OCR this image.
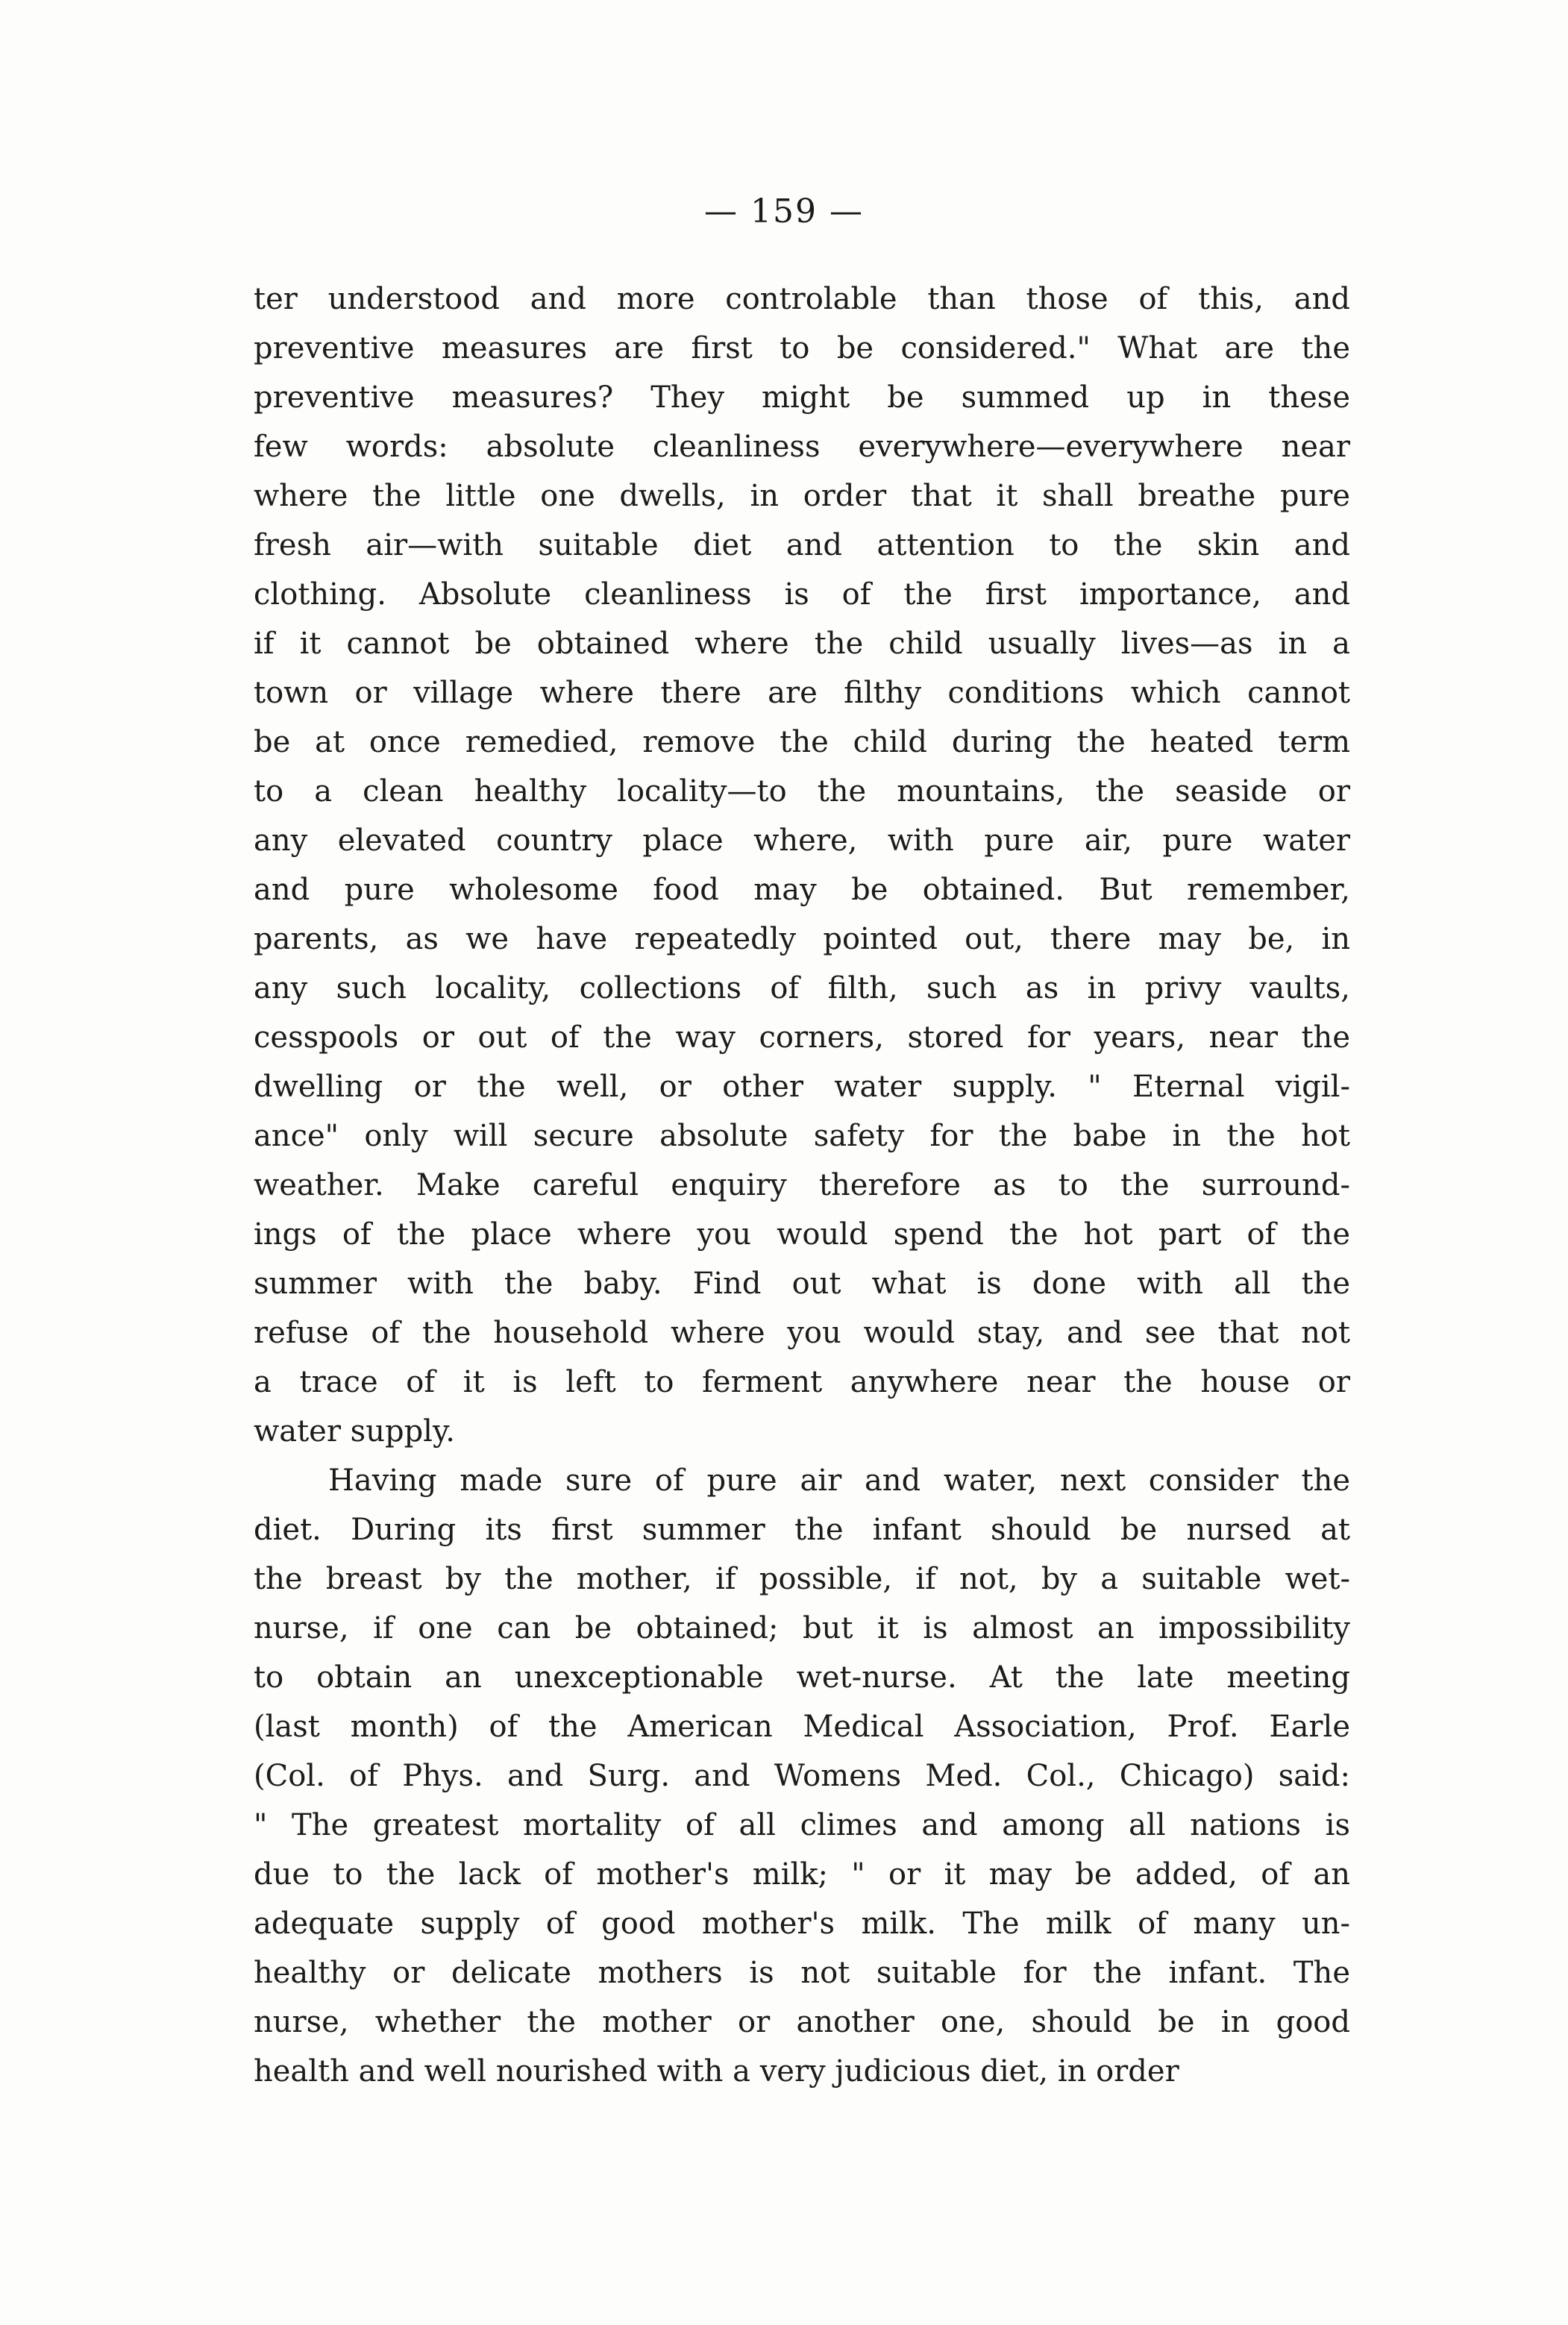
— 159 —
ter understood and more controlable than those of this, and
preventive measures are first to be considered." What are the
preventive measures? They might be summed up in these
few words: absolute cleanliness everywhere—everywhere near
where the little one dwells, in order that it shall breathe pure
fresh air—with suitable diet and attention to the skin and
clothing. Absolute cleanliness is of the first importance, and
if it cannot be obtained where the child usually lives—as in a
town or village where there are filthy conditions which cannot
be at once remedied, remove the child during the heated term
to a clean healthy locality—to the mountains, the seaside or
any elevated country place where, with pure air, pure water
and pure wholesome food may be obtained. But remember,
parents, as we have repeatedly pointed out, there may be, in
any such locality, collections of filth, such as in privy vaults,
cesspools or out of the way corners, stored for years, near the
dwelling or the well, or other water supply. " Eternal vigil-
ance" only will secure absolute safety for the babe in the hot
weather. Make careful enquiry therefore as to the surround-
ings of the place where you would spend the hot part of the
summer with the baby. Find out what is done with all the
refuse of the household where you would stay, and see that not
a trace of it is left to ferment anywhere near the house or
water supply.
Having made sure of pure air and water, next consider the
diet. During its first summer the infant should be nursed at
the breast by the mother, if possible, if not, by a suitable wet-
nurse, if one can be obtained; but it is almost an impossibility
to obtain an unexceptionable wet-nurse. At the late meeting
(last month) of the American Medical Association, Prof. Earle
(Col. of Phys. and Surg. and Womens Med. Col., Chicago) said:
" The greatest mortality of all climes and among all nations is
due to the lack of mother's milk; " or it may be added, of an
adequate supply of good mother's milk. The milk of many un-
healthy or delicate mothers is not suitable for the infant. The
nurse, whether the mother or another one, should be in good
health and well nourished with a very judicious diet, in order
